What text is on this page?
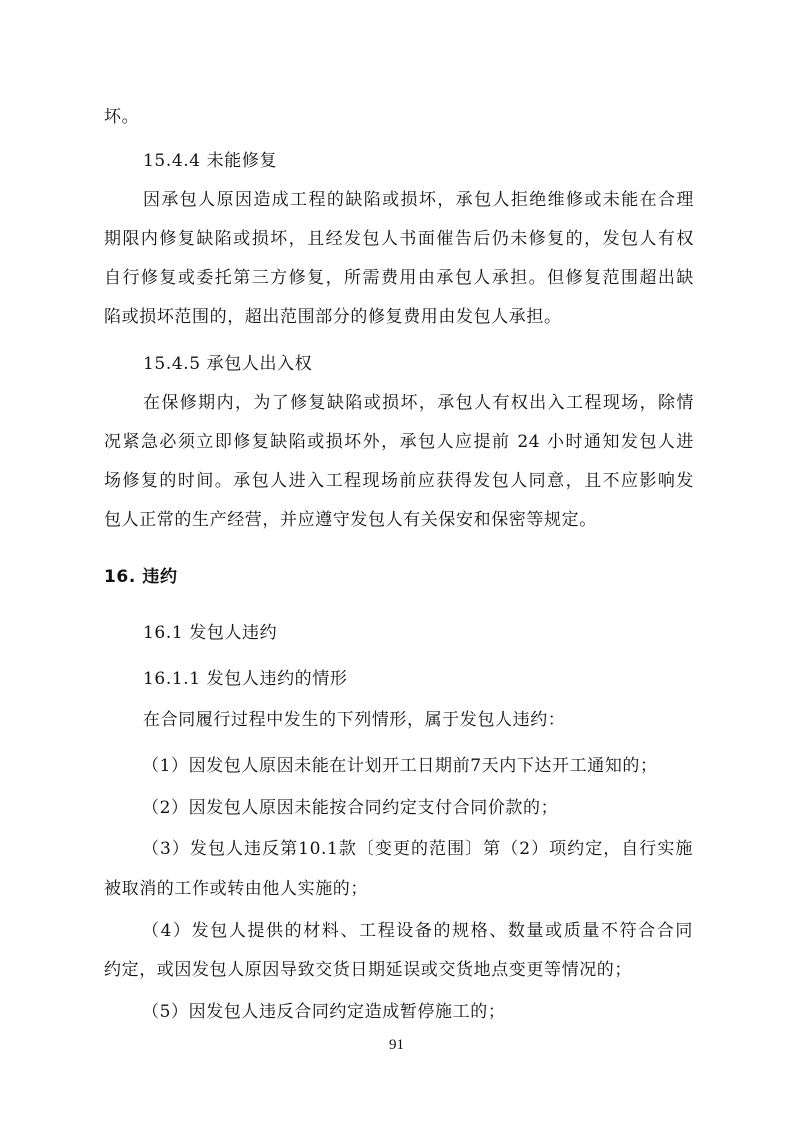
坏。
15.4.4 未能修复
因承包人原因造成工程的缺陷或损坏，承包人拒绝维修或未能在合理
期限内修复缺陷或损坏，且经发包人书面催告后仍未修复的，发包人有权
自行修复或委托第三方修复，所需费用由承包人承担。但修复范围超出缺
陷或损坏范围的，超出范围部分的修复费用由发包人承担。
15.4.5 承包人出入权
在保修期内，为了修复缺陷或损坏，承包人有权出入工程现场，除情
况紧急必须立即修复缺陷或损坏外，承包人应提前 24 小时通知发包人进
场修复的时间。承包人进入工程现场前应获得发包人同意，且不应影响发
包人正常的生产经营，并应遵守发包人有关保安和保密等规定。
16. 违约
16.1 发包人违约
16.1.1 发包人违约的情形
在合同履行过程中发生的下列情形，属于发包人违约：
（1）因发包人原因未能在计划开工日期前7天内下达开工通知的；
（2）因发包人原因未能按合同约定支付合同价款的；
（3）发包人违反第10.1款〔变更的范围〕第（2）项约定，自行实施
被取消的工作或转由他人实施的；
（4）发包人提供的材料、工程设备的规格、数量或质量不符合合同
约定，或因发包人原因导致交货日期延误或交货地点变更等情况的；
（5）因发包人违反合同约定造成暂停施工的；
91
